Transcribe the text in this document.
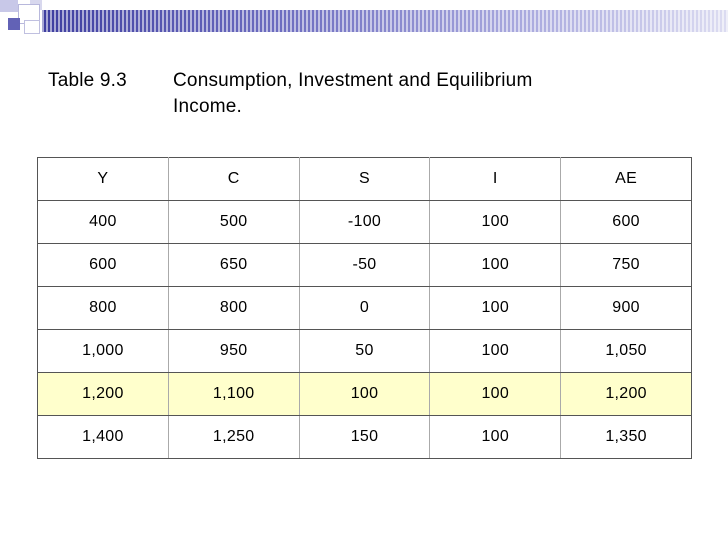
Table 9.3 Consumption, Investment and Equilibrium
Income.
Y	C	S	I	AE
400	500	-100	100	600
600	650	-50	100	750
800	800	0	100	900
1,000	950	50	100	1,050
1,200	1,100	100	100	1,200
1,400	1,250	150	100	1,350
